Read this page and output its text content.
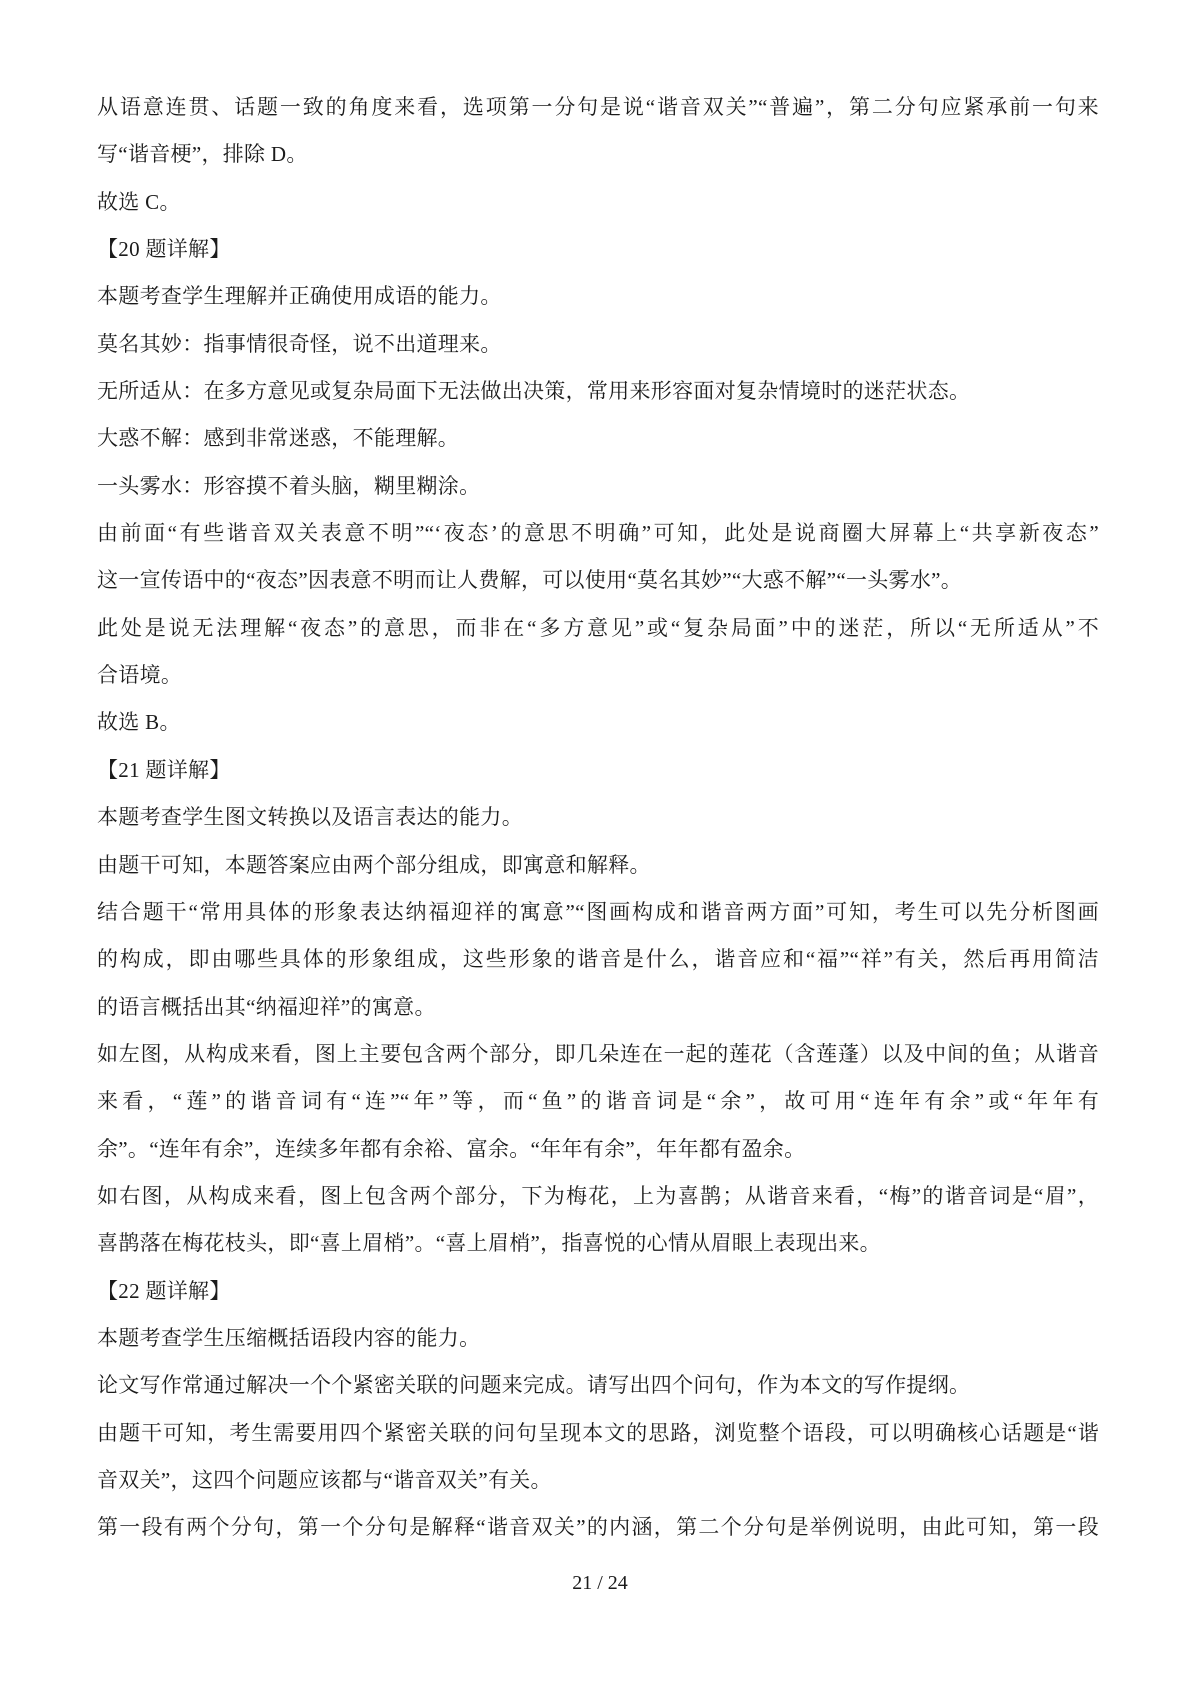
从语意连贯、话题一致的角度来看，选项第一分句是说“谐音双关”“普遍”，第二分句应紧承前一句来
写“谐音梗”，排除 D。
故选 C。
【20 题详解】
本题考查学生理解并正确使用成语的能力。
莫名其妙：指事情很奇怪，说不出道理来。
无所适从：在多方意见或复杂局面下无法做出决策，常用来形容面对复杂情境时的迷茫状态。
大惑不解：感到非常迷惑，不能理解。
一头雾水：形容摸不着头脑，糊里糊涂。
由前面“有些谐音双关表意不明”“‘夜态’的意思不明确”可知，此处是说商圈大屏幕上“共享新夜态”
这一宣传语中的“夜态”因表意不明而让人费解，可以使用“莫名其妙”“大惑不解”“一头雾水”。
此处是说无法理解“夜态”的意思，而非在“多方意见”或“复杂局面”中的迷茫，所以“无所适从”不
合语境。
故选 B。
【21 题详解】
本题考查学生图文转换以及语言表达的能力。
由题干可知，本题答案应由两个部分组成，即寓意和解释。
结合题干“常用具体的形象表达纳福迎祥的寓意”“图画构成和谐音两方面”可知，考生可以先分析图画
的构成，即由哪些具体的形象组成，这些形象的谐音是什么，谐音应和“福”“祥”有关，然后再用简洁
的语言概括出其“纳福迎祥”的寓意。
如左图，从构成来看，图上主要包含两个部分，即几朵连在一起的莲花（含莲蓬）以及中间的鱼；从谐音
来看，“莲”的谐音词有“连”“年”等，而“鱼”的谐音词是“余”，故可用“连年有余”或“年年有
余”。“连年有余”，连续多年都有余裕、富余。“年年有余”，年年都有盈余。
如右图，从构成来看，图上包含两个部分，下为梅花，上为喜鹊；从谐音来看，“梅”的谐音词是“眉”，
喜鹊落在梅花枝头，即“喜上眉梢”。“喜上眉梢”，指喜悦的心情从眉眼上表现出来。
【22 题详解】
本题考查学生压缩概括语段内容的能力。
论文写作常通过解决一个个紧密关联的问题来完成。请写出四个问句，作为本文的写作提纲。
由题干可知，考生需要用四个紧密关联的问句呈现本文的思路，浏览整个语段，可以明确核心话题是“谐
音双关”，这四个问题应该都与“谐音双关”有关。
第一段有两个分句，第一个分句是解释“谐音双关”的内涵，第二个分句是举例说明，由此可知，第一段
21 / 24
